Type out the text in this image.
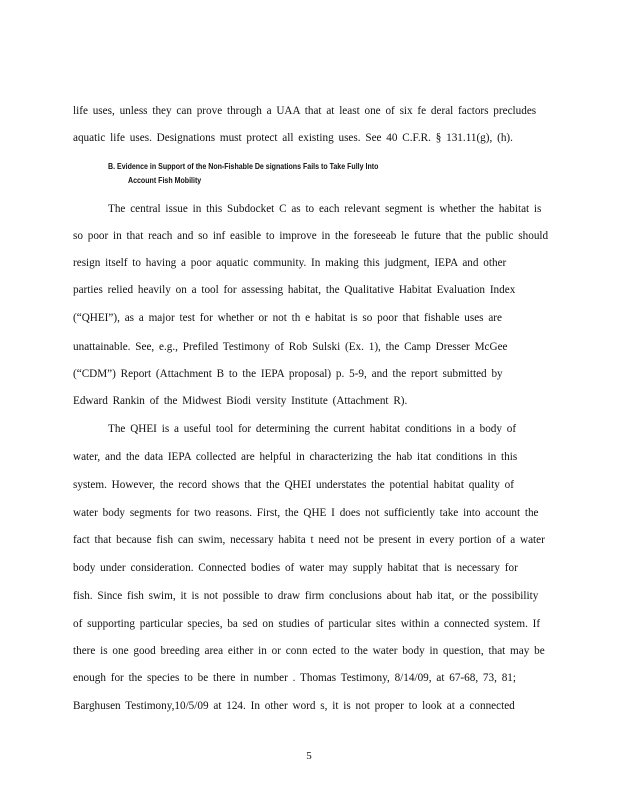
life uses, unless they can prove through a UAA that at least one of six fe deral factors precludes
aquatic life uses. Designations must protect all existing uses. See 40 C.F.R. § 131.11(g), (h).
B. Evidence in Support of the Non-Fishable De signations Fails to Take Fully Into
Account Fish Mobility
The central issue in this Subdocket C as to each relevant segment is whether the habitat is
so poor in that reach and so inf easible to improve in the foreseeab le future that the public should
resign itself to having a poor aquatic community. In making this judgment, IEPA and other
parties relied heavily on a tool for assessing habitat, the Qualitative Habitat Evaluation Index
(“QHEI”), as a major test for whether or not th e habitat is so poor that fishable uses are
unattainable. See, e.g., Prefiled Testimony of Rob Sulski (Ex. 1), the Camp Dresser McGee
(“CDM”) Report (Attachment B to the IEPA proposal) p. 5-9, and the report submitted by
Edward Rankin of the Midwest Biodi versity Institute (Attachment R).
The QHEI is a useful tool for determining the current habitat conditions in a body of
water, and the data IEPA collected are helpful in characterizing the hab itat conditions in this
system. However, the record shows that the QHEI understates the potential habitat quality of
water body segments for two reasons. First, the QHE I does not sufficiently take into account the
fact that because fish can swim, necessary habita t need not be present in every portion of a water
body under consideration. Connected bodies of water may supply habitat that is necessary for
fish. Since fish swim, it is not possible to draw firm conclusions about hab itat, or the possibility
of supporting particular species, ba sed on studies of particular sites within a connected system. If
there is one good breeding area either in or conn ected to the water body in question, that may be
enough for the species to be there in number . Thomas Testimony, 8/14/09, at 67-68, 73, 81;
Barghusen Testimony,10/5/09 at 124. In other word s, it is not proper to look at a connected
5
